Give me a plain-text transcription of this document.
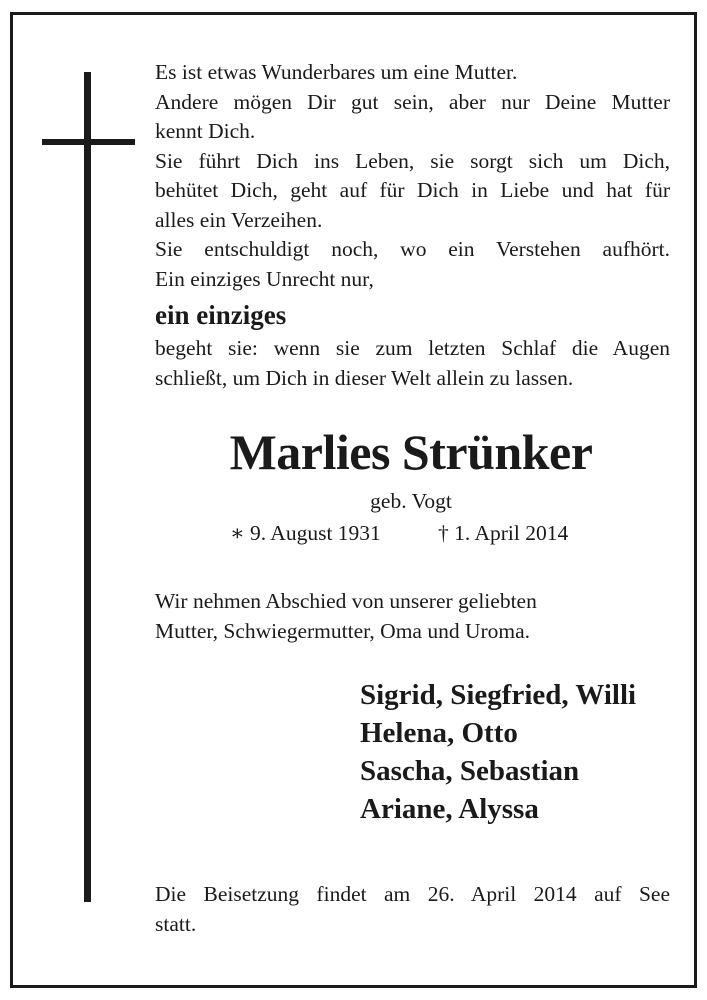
Es ist etwas Wunderbares um eine Mutter.
Andere mögen Dir gut sein, aber nur Deine Mutter
kennt Dich.
Sie führt Dich ins Leben, sie sorgt sich um Dich,
behütet Dich, geht auf für Dich in Liebe und hat für
alles ein Verzeihen.
Sie entschuldigt noch, wo ein Verstehen aufhört.
Ein einziges Unrecht nur,
ein einziges
begeht sie: wenn sie zum letzten Schlaf die Augen
schließt, um Dich in dieser Welt allein zu lassen.
Marlies Strünker
geb. Vogt
∗ 9. August 1931	† 1. April 2014
Wir nehmen Abschied von unserer geliebten
Mutter, Schwiegermutter, Oma und Uroma.
Sigrid, Siegfried, Willi
Helena, Otto
Sascha, Sebastian
Ariane, Alyssa
Die Beisetzung findet am 26. April 2014 auf See
statt.
